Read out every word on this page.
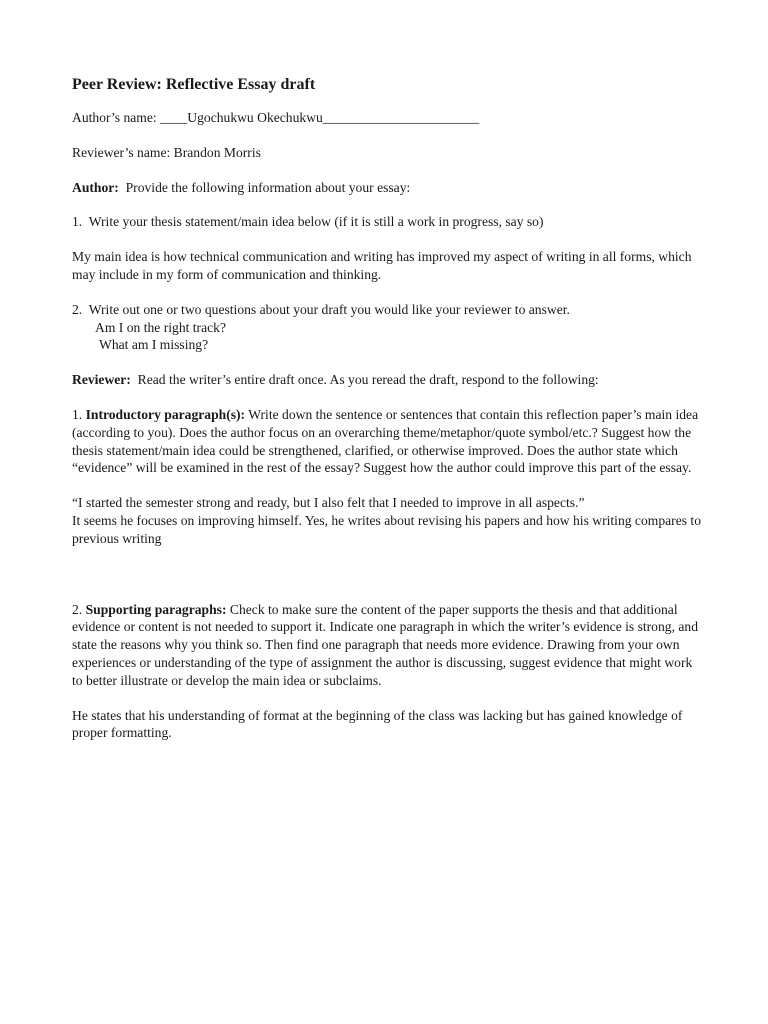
Peer Review: Reflective Essay draft

Author’s name: ____Ugochukwu Okechukwu_______________________

Reviewer’s name: Brandon Morris

Author:  Provide the following information about your essay:

1.  Write your thesis statement/main idea below (if it is still a work in progress, say so)

My main idea is how technical communication and writing has improved my aspect of writing in all forms, which may include in my form of communication and thinking.

2.  Write out one or two questions about your draft you would like your reviewer to answer.

Am I on the right track?

What am I missing?

Reviewer:  Read the writer’s entire draft once. As you reread the draft, respond to the following:

1. Introductory paragraph(s): Write down the sentence or sentences that contain this reflection paper’s main idea (according to you). Does the author focus on an overarching theme/metaphor/quote symbol/etc.? Suggest how the thesis statement/main idea could be strengthened, clarified, or otherwise improved. Does the author state which “evidence” will be examined in the rest of the essay? Suggest how the author could improve this part of the essay.

“I started the semester strong and ready, but I also felt that I needed to improve in all aspects.”

It seems he focuses on improving himself. Yes, he writes about revising his papers and how his writing compares to previous writing

2. Supporting paragraphs: Check to make sure the content of the paper supports the thesis and that additional evidence or content is not needed to support it. Indicate one paragraph in which the writer’s evidence is strong, and state the reasons why you think so. Then find one paragraph that needs more evidence. Drawing from your own experiences or understanding of the type of assignment the author is discussing, suggest evidence that might work to better illustrate or develop the main idea or subclaims.

He states that his understanding of format at the beginning of the class was lacking but has gained knowledge of proper formatting.
